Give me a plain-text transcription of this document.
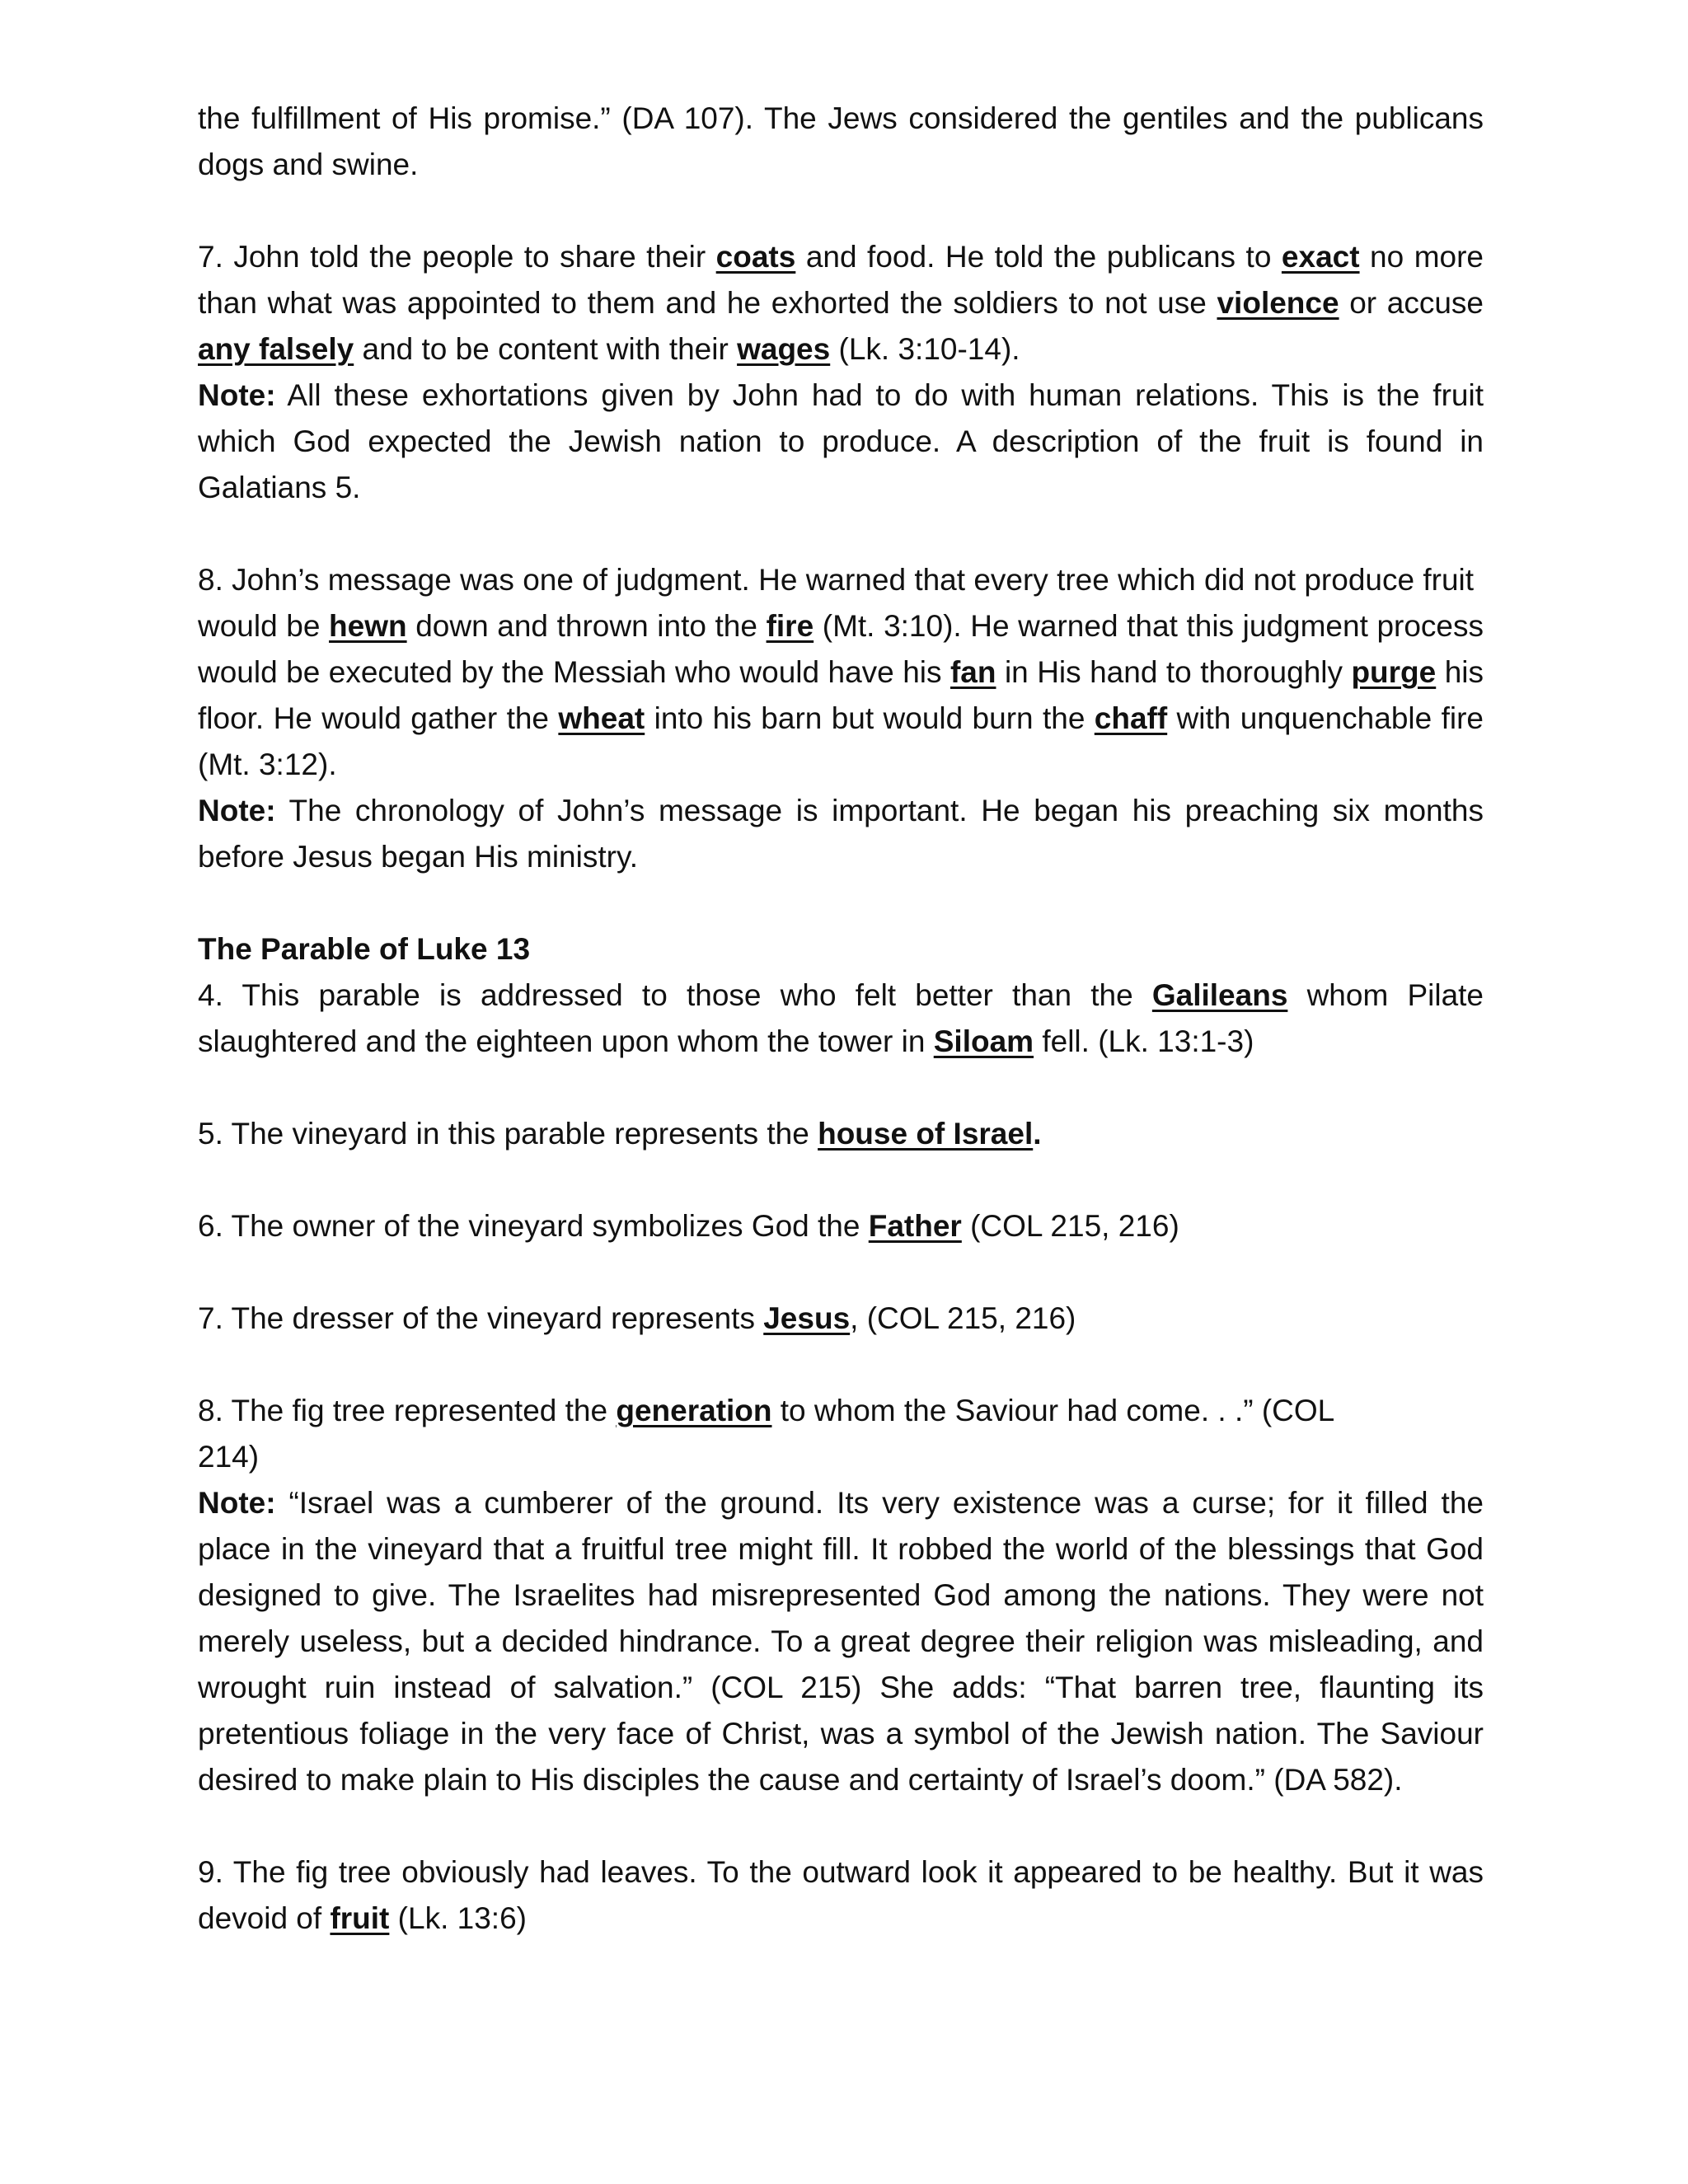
the fulfillment of His promise.” (DA 107). The Jews considered the gentiles and the publicans
dogs and swine.

7. John told the people to share their coats and food. He told the publicans to exact no more than what was appointed to them and he exhorted the soldiers to not use violence or accuse any falsely and to be content with their wages (Lk. 3:10-14).

Note: All these exhortations given by John had to do with human relations. This is the fruit which God expected the Jewish nation to produce. A description of the fruit is found in Galatians 5.

8. John’s message was one of judgment. He warned that every tree which did not produce fruit

would be hewn down and thrown into the fire (Mt. 3:10). He warned that this judgment process would be executed by the Messiah who would have his fan in His hand to thoroughly purge his floor. He would gather the wheat into his barn but would burn the chaff with unquenchable fire (Mt. 3:12).

Note: The chronology of John’s message is important. He began his preaching six months before Jesus began His ministry.

The Parable of Luke 13

4. This parable is addressed to those who felt better than the Galileans whom Pilate slaughtered and the eighteen upon whom the tower in Siloam fell. (Lk. 13:1-3)

5. The vineyard in this parable represents the house of Israel.

6. The owner of the vineyard symbolizes God the Father (COL 215, 216)

7. The dresser of the vineyard represents Jesus, (COL 215, 216)

8. The fig tree represented the generation to whom the Saviour had come. . .” (COL

214)

Note: “Israel was a cumberer of the ground. Its very existence was a curse; for it filled the place in the vineyard that a fruitful tree might fill. It robbed the world of the blessings that God designed to give. The Israelites had misrepresented God among the nations. They were not merely useless, but a decided hindrance. To a great degree their religion was misleading, and wrought ruin instead of salvation.” (COL 215) She adds: “That barren tree, flaunting its pretentious foliage in the very face of Christ, was a symbol of the Jewish nation. The Saviour desired to make plain to His disciples the cause and certainty of Israel’s doom.” (DA 582).

9. The fig tree obviously had leaves. To the outward look it appeared to be healthy. But it was devoid of fruit (Lk. 13:6)
